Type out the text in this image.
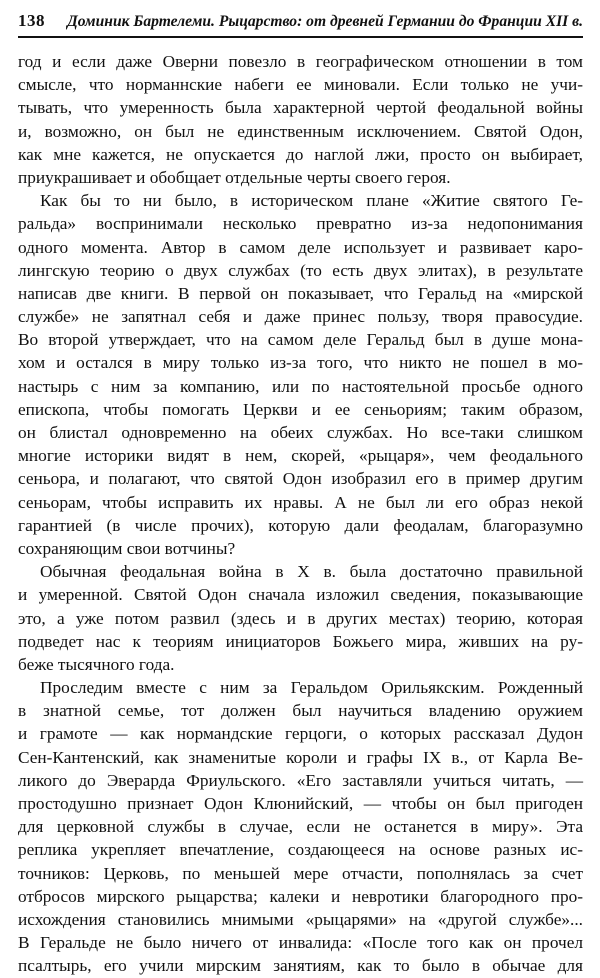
138 Доминик Бартелеми. Рыцарство: от древней Германии до Франции XII в.

год и если даже Оверни повезло в географическом отношении в том
смысле, что норманнские набеги ее миновали. Если только не учи-
тывать, что умеренность была характерной чертой феодальной войны
и, возможно, он был не единственным исключением. Святой Одон,
как мне кажется, не опускается до наглой лжи, просто он выбирает,
приукрашивает и обобщает отдельные черты своего героя.

Как бы то ни было, в историческом плане «Житие святого Ге-
ральда» воспринимали несколько превратно из-за недопонимания
одного момента. Автор в самом деле использует и развивает каро-
лингскую теорию о двух службах (то есть двух элитах), в результате
написав две книги. В первой он показывает, что Геральд на «мирской
службе» не запятнал себя и даже принес пользу, творя правосудие.
Во второй утверждает, что на самом деле Геральд был в душе мона-
хом и остался в миру только из-за того, что никто не пошел в мо-
настырь с ним за компанию, или по настоятельной просьбе одного
епископа, чтобы помогать Церкви и ее сеньориям; таким образом,
он блистал одновременно на обеих службах. Но все-таки слишком
многие историки видят в нем, скорей, «рыцаря», чем феодального
сеньора, и полагают, что святой Одон изобразил его в пример другим
сеньорам, чтобы исправить их нравы. А не был ли его образ некой
гарантией (в числе прочих), которую дали феодалам, благоразумно
сохраняющим свои вотчины?

Обычная феодальная война в X в. была достаточно правильной
и умеренной. Святой Одон сначала изложил сведения, показывающие
это, а уже потом развил (здесь и в других местах) теорию, которая
подведет нас к теориям инициаторов Божьего мира, живших на ру-
беже тысячного года.

Проследим вместе с ним за Геральдом Орильякским. Рожденный
в знатной семье, тот должен был научиться владению оружием
и грамоте — как нормандские герцоги, о которых рассказал Дудон
Сен-Кантенский, как знаменитые короли и графы IX в., от Карла Ве-
ликого до Эверарда Фриульского. «Его заставляли учиться читать, —
простодушно признает Одон Клюнийский, — чтобы он был пригоден
для церковной службы в случае, если не останется в миру». Эта
реплика укрепляет впечатление, создающееся на основе разных ис-
точников: Церковь, по меньшей мере отчасти, пополнялась за счет
отбросов мирского рыцарства; калеки и невротики благородного про-
исхождения становились мнимыми «рыцарями» на «другой службе»...
В Геральде не было ничего от инвалида: «После того как он прочел
псалтырь, его учили мирским занятиям, как то было в обычае для
